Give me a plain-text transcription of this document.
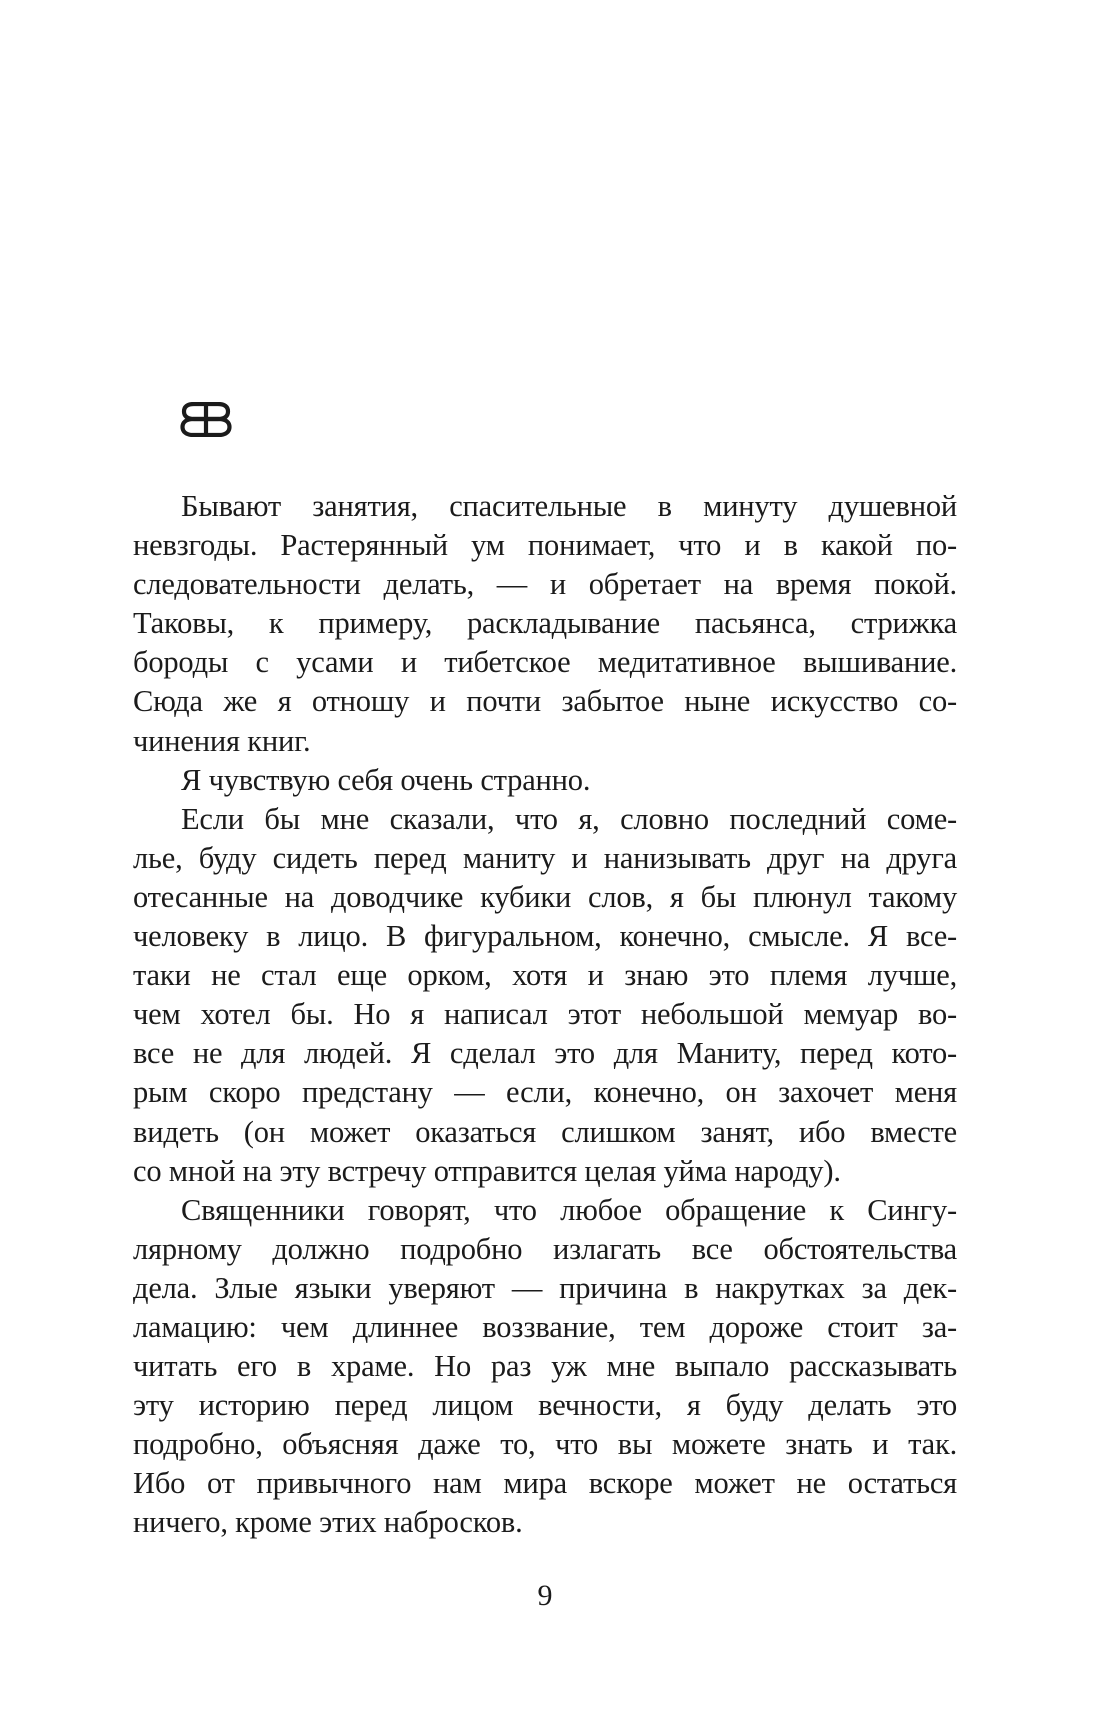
Бывают занятия, спасительные в минуту душевной
невзгоды. Растерянный ум понимает, что и в какой по-
следовательности делать, — и обретает на время покой.
Таковы, к примеру, раскладывание пасьянса, стрижка
бороды с усами и тибетское медитативное вышивание.
Сюда же я отношу и почти забытое ныне искусство со-
чинения книг.
Я чувствую себя очень странно.
Если бы мне сказали, что я, словно последний соме-
лье, буду сидеть перед маниту и нанизывать друг на друга
отесанные на доводчике кубики слов, я бы плюнул такому
человеку в лицо. В фигуральном, конечно, смысле. Я все-
таки не стал еще орком, хотя и знаю это племя лучше,
чем хотел бы. Но я написал этот небольшой мемуар во-
все не для людей. Я сделал это для Маниту, перед кото-
рым скоро предстану — если, конечно, он захочет меня
видеть (он может оказаться слишком занят, ибо вместе
со мной на эту встречу отправится целая уйма народу).
Священники говорят, что любое обращение к Сингу-
лярному должно подробно излагать все обстоятельства
дела. Злые языки уверяют — причина в накрутках за дек-
ламацию: чем длиннее воззвание, тем дороже стоит за-
читать его в храме. Но раз уж мне выпало рассказывать
эту историю перед лицом вечности, я буду делать это
подробно, объясняя даже то, что вы можете знать и так.
Ибо от привычного нам мира вскоре может не остаться
ничего, кроме этих набросков.
9
